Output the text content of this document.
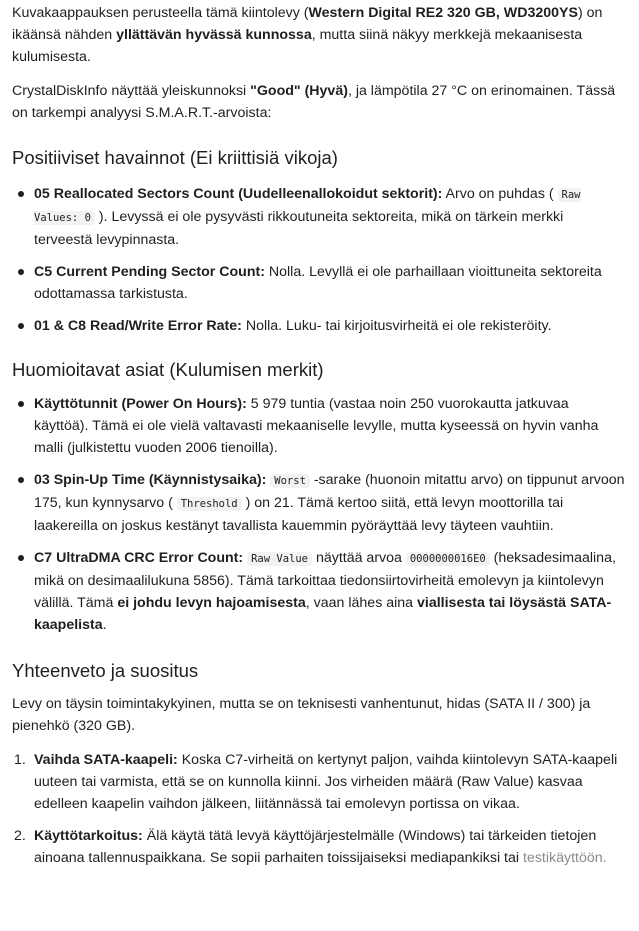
Kuvakaappauksen perusteella tämä kiintolevy (Western Digital RE2 320 GB, WD3200YS) on ikäänsä nähden yllättävän hyvässä kunnossa, mutta siinä näkyy merkkejä mekaanisesta kulumisesta.

CrystalDiskInfo näyttää yleiskunnoksi "Good" (Hyvä), ja lämpötila 27 °C on erinomainen. Tässä on tarkempi analyysi S.M.A.R.T.-arvoista:

Positiiviset havainnot (Ei kriittisiä vikoja)
05 Reallocated Sectors Count (Uudelleenallokoidut sektorit): Arvo on puhdas ( Raw Values: 0 ). Levyssä ei ole pysyvästi rikkoutuneita sektoreita, mikä on tärkein merkki terveestä levypinnasta.
C5 Current Pending Sector Count: Nolla. Levyllä ei ole parhaillaan vioittuneita sektoreita odottamassa tarkistusta.
01 & C8 Read/Write Error Rate: Nolla. Luku- tai kirjoitusvirheitä ei ole rekisteröity.
Huomioitavat asiat (Kulumisen merkit)
Käyttötunnit (Power On Hours): 5 979 tuntia (vastaa noin 250 vuorokautta jatkuvaa käyttöä). Tämä ei ole vielä valtavasti mekaaniselle levylle, mutta kyseessä on hyvin vanha malli (julkistettu vuoden 2006 tienoilla).
03 Spin-Up Time (Käynnistysaika): Worst -sarake (huonoin mitattu arvo) on tippunut arvoon 175, kun kynnysarvo ( Threshold ) on 21. Tämä kertoo siitä, että levyn moottorilla tai laakereilla on joskus kestänyt tavallista kauemmin pyöräyttää levy täyteen vauhtiin.
C7 UltraDMA CRC Error Count: Raw Value näyttää arvoa 0000000016E0 (heksadesimaalina, mikä on desimaalilukuna 5856). Tämä tarkoittaa tiedonsiirtovirheitä emolevyn ja kiintolevyn välillä. Tämä ei johdu levyn hajoamisesta, vaan lähes aina viallisesta tai löysästä SATA-kaapelista.
Yhteenveto ja suositus

Levy on täysin toimintakykyinen, mutta se on teknisesti vanhentunut, hidas (SATA II / 300) ja pienehkö (320 GB).

Vaihda SATA-kaapeli: Koska C7-virheitä on kertynyt paljon, vaihda kiintolevyn SATA-kaapeli uuteen tai varmista, että se on kunnolla kiinni. Jos virheiden määrä (Raw Value) kasvaa edelleen kaapelin vaihdon jälkeen, liitännässä tai emolevyn portissa on vikaa.
Käyttötarkoitus: Älä käytä tätä levyä käyttöjärjestelmälle (Windows) tai tärkeiden tietojen ainoana tallennuspaikkana. Se sopii parhaiten toissijaiseksi mediapankiksi tai testikäyttöön.
